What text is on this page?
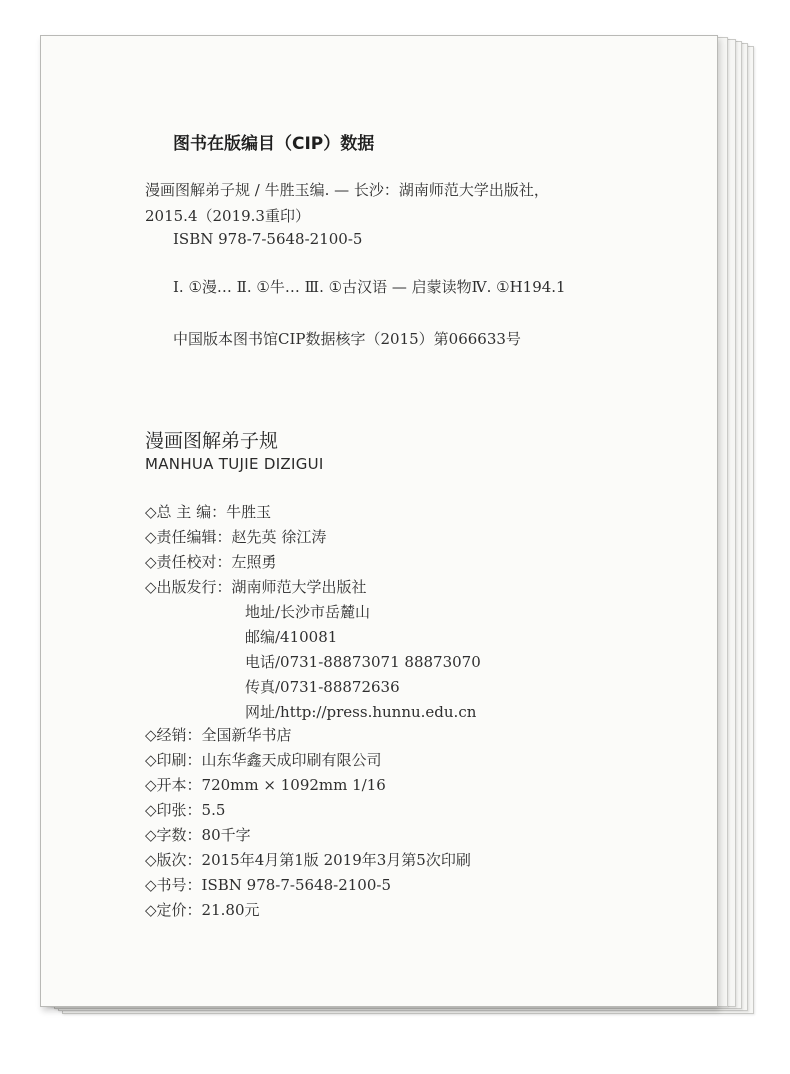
图书在版编目（CIP）数据
漫画图解弟子规 / 牛胜玉编. — 长沙：湖南师范大学出版社，
2015.4（2019.3重印）
ISBN 978-7-5648-2100-5
Ⅰ. ①漫… Ⅱ. ①牛… Ⅲ. ①古汉语 — 启蒙读物Ⅳ. ①H194.1
中国版本图书馆CIP数据核字（2015）第066633号
漫画图解弟子规
MANHUA TUJIE DIZIGUI
◇总 主 编：牛胜玉
◇责任编辑：赵先英 徐江涛
◇责任校对：左照勇
◇出版发行：湖南师范大学出版社
地址/长沙市岳麓山
邮编/410081
电话/0731-88873071 88873070
传真/0731-88872636
网址/http://press.hunnu.edu.cn
◇经销：全国新华书店
◇印刷：山东华鑫天成印刷有限公司
◇开本：720mm × 1092mm 1/16
◇印张：5.5
◇字数：80千字
◇版次：2015年4月第1版 2019年3月第5次印刷
◇书号：ISBN 978-7-5648-2100-5
◇定价：21.80元
